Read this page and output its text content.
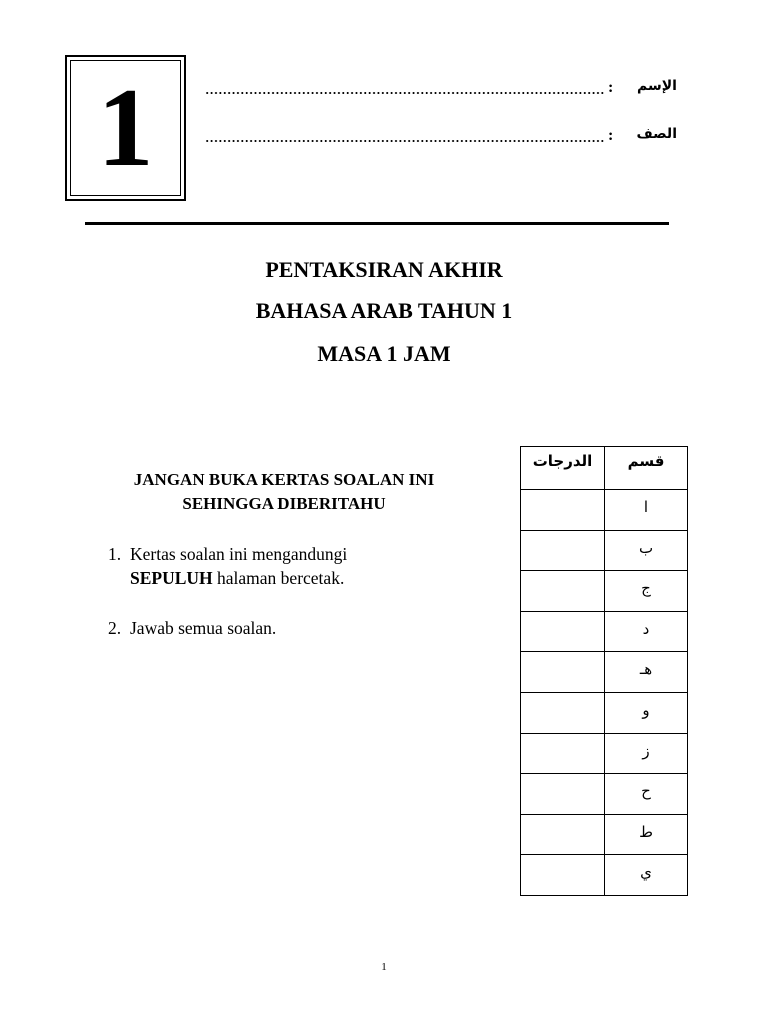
1	: الإسم
: الصف
PENTAKSIRAN AKHIR
BAHASA ARAB TAHUN 1
MASA 1 JAM
JANGAN BUKA KERTAS SOALAN INI
SEHINGGA DIBERITAHU
1. Kertas soalan ini mengandungi
SEPULUH halaman bercetak.
2. Jawab semua soalan.
الدرجات	قسم
	ا
	ب
	ج
	د
	هـ
	و
	ز
	ح
	ط
	ي
1
